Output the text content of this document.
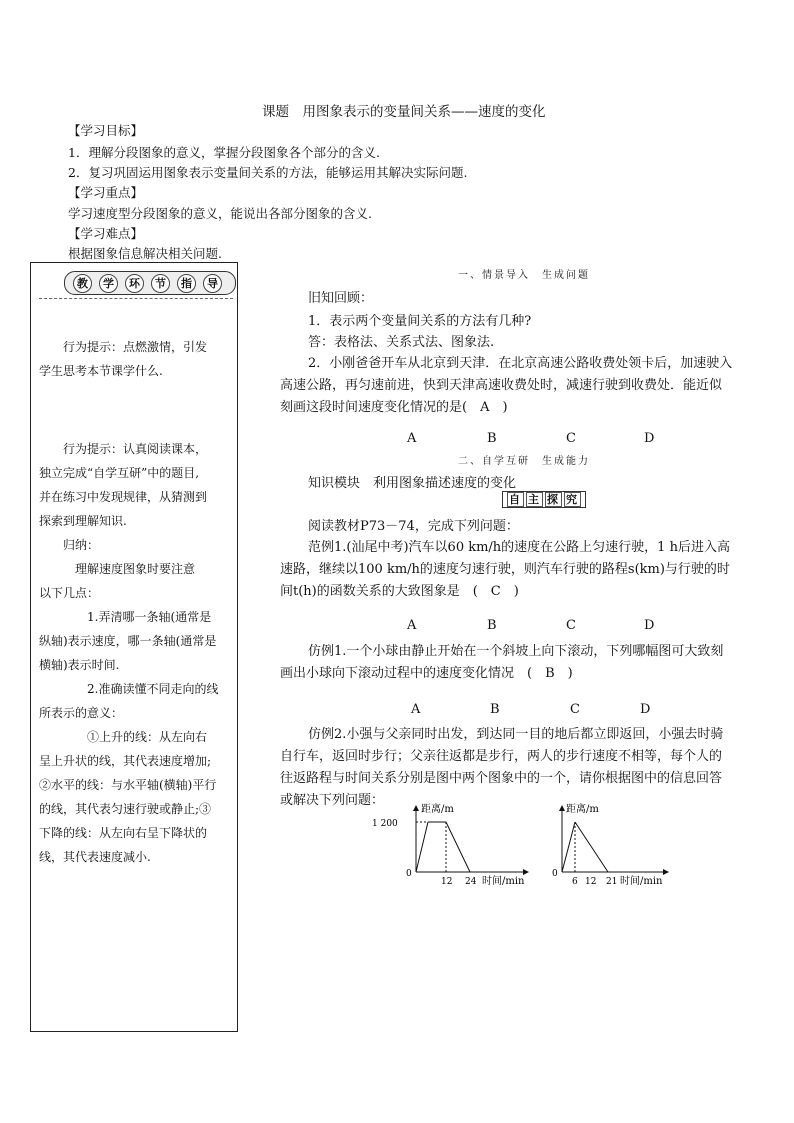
课题　用图象表示的变量间关系——速度的变化
【学习目标】
1．理解分段图象的意义，掌握分段图象各个部分的含义.
2．复习巩固运用图象表示变量间关系的方法，能够运用其解决实际问题.
【学习重点】
学习速度型分段图象的意义，能说出各部分图象的含义.
【学习难点】
根据图象信息解决相关问题.
教	学	环	节	指	导
行为提示：点燃激情，引发
学生思考本节课学什么.
行为提示：认真阅读课本，
独立完成“自学互研”中的题目,
并在练习中发现规律，从猜测到
探索到理解知识.
归纳：
理解速度图象时要注意
以下几点：
1.弄清哪一条轴(通常是
纵轴)表示速度，哪一条轴(通常是
横轴)表示时间.
2.准确读懂不同走向的线
所表示的意义：
①上升的线：从左向右
呈上升状的线，其代表速度增加;
②水平的线：与水平轴(横轴)平行
的线，其代表匀速行驶或静止;③
下降的线：从左向右呈下降状的
线，其代表速度减小.
一、情景导入　生成问题
旧知回顾：
1．表示两个变量间关系的方法有几种?
答：表格法、关系式法、图象法.
2．小刚爸爸开车从北京到天津．在北京高速公路收费处领卡后，加速驶入
高速公路，再匀速前进，快到天津高速收费处时，减速行驶到收费处．能近似
刻画这段时间速度变化情况的是(　A　)
A	B	C	D
二、自学互研　生成能力
知识模块　利用图象描述速度的变化
自 主 探 究
阅读教材P73－74，完成下列问题：
范例1.(汕尾中考)汽车以60 km/h的速度在公路上匀速行驶，1 h后进入高
速路，继续以100 km/h的速度匀速行驶，则汽车行驶的路程s(km)与行驶的时
间t(h)的函数关系的大致图象是　(　C　)
A	B	C	D
仿例1.一个小球由静止开始在一个斜坡上向下滚动，下列哪幅图可大致刻
画出小球向下滚动过程中的速度变化情况　(　B　)
A	B	C	D
仿例2.小强与父亲同时出发，到达同一目的地后都立即返回，小强去时骑
自行车，返回时步行；父亲往返都是步行，两人的步行速度不相等，每个人的
往返路程与时间关系分别是图中两个图象中的一个，请你根据图中的信息回答
或解决下列问题：
距离/m
1 200
0
12 24 时间/min
距离/m
0
6 12 21 时间/min
